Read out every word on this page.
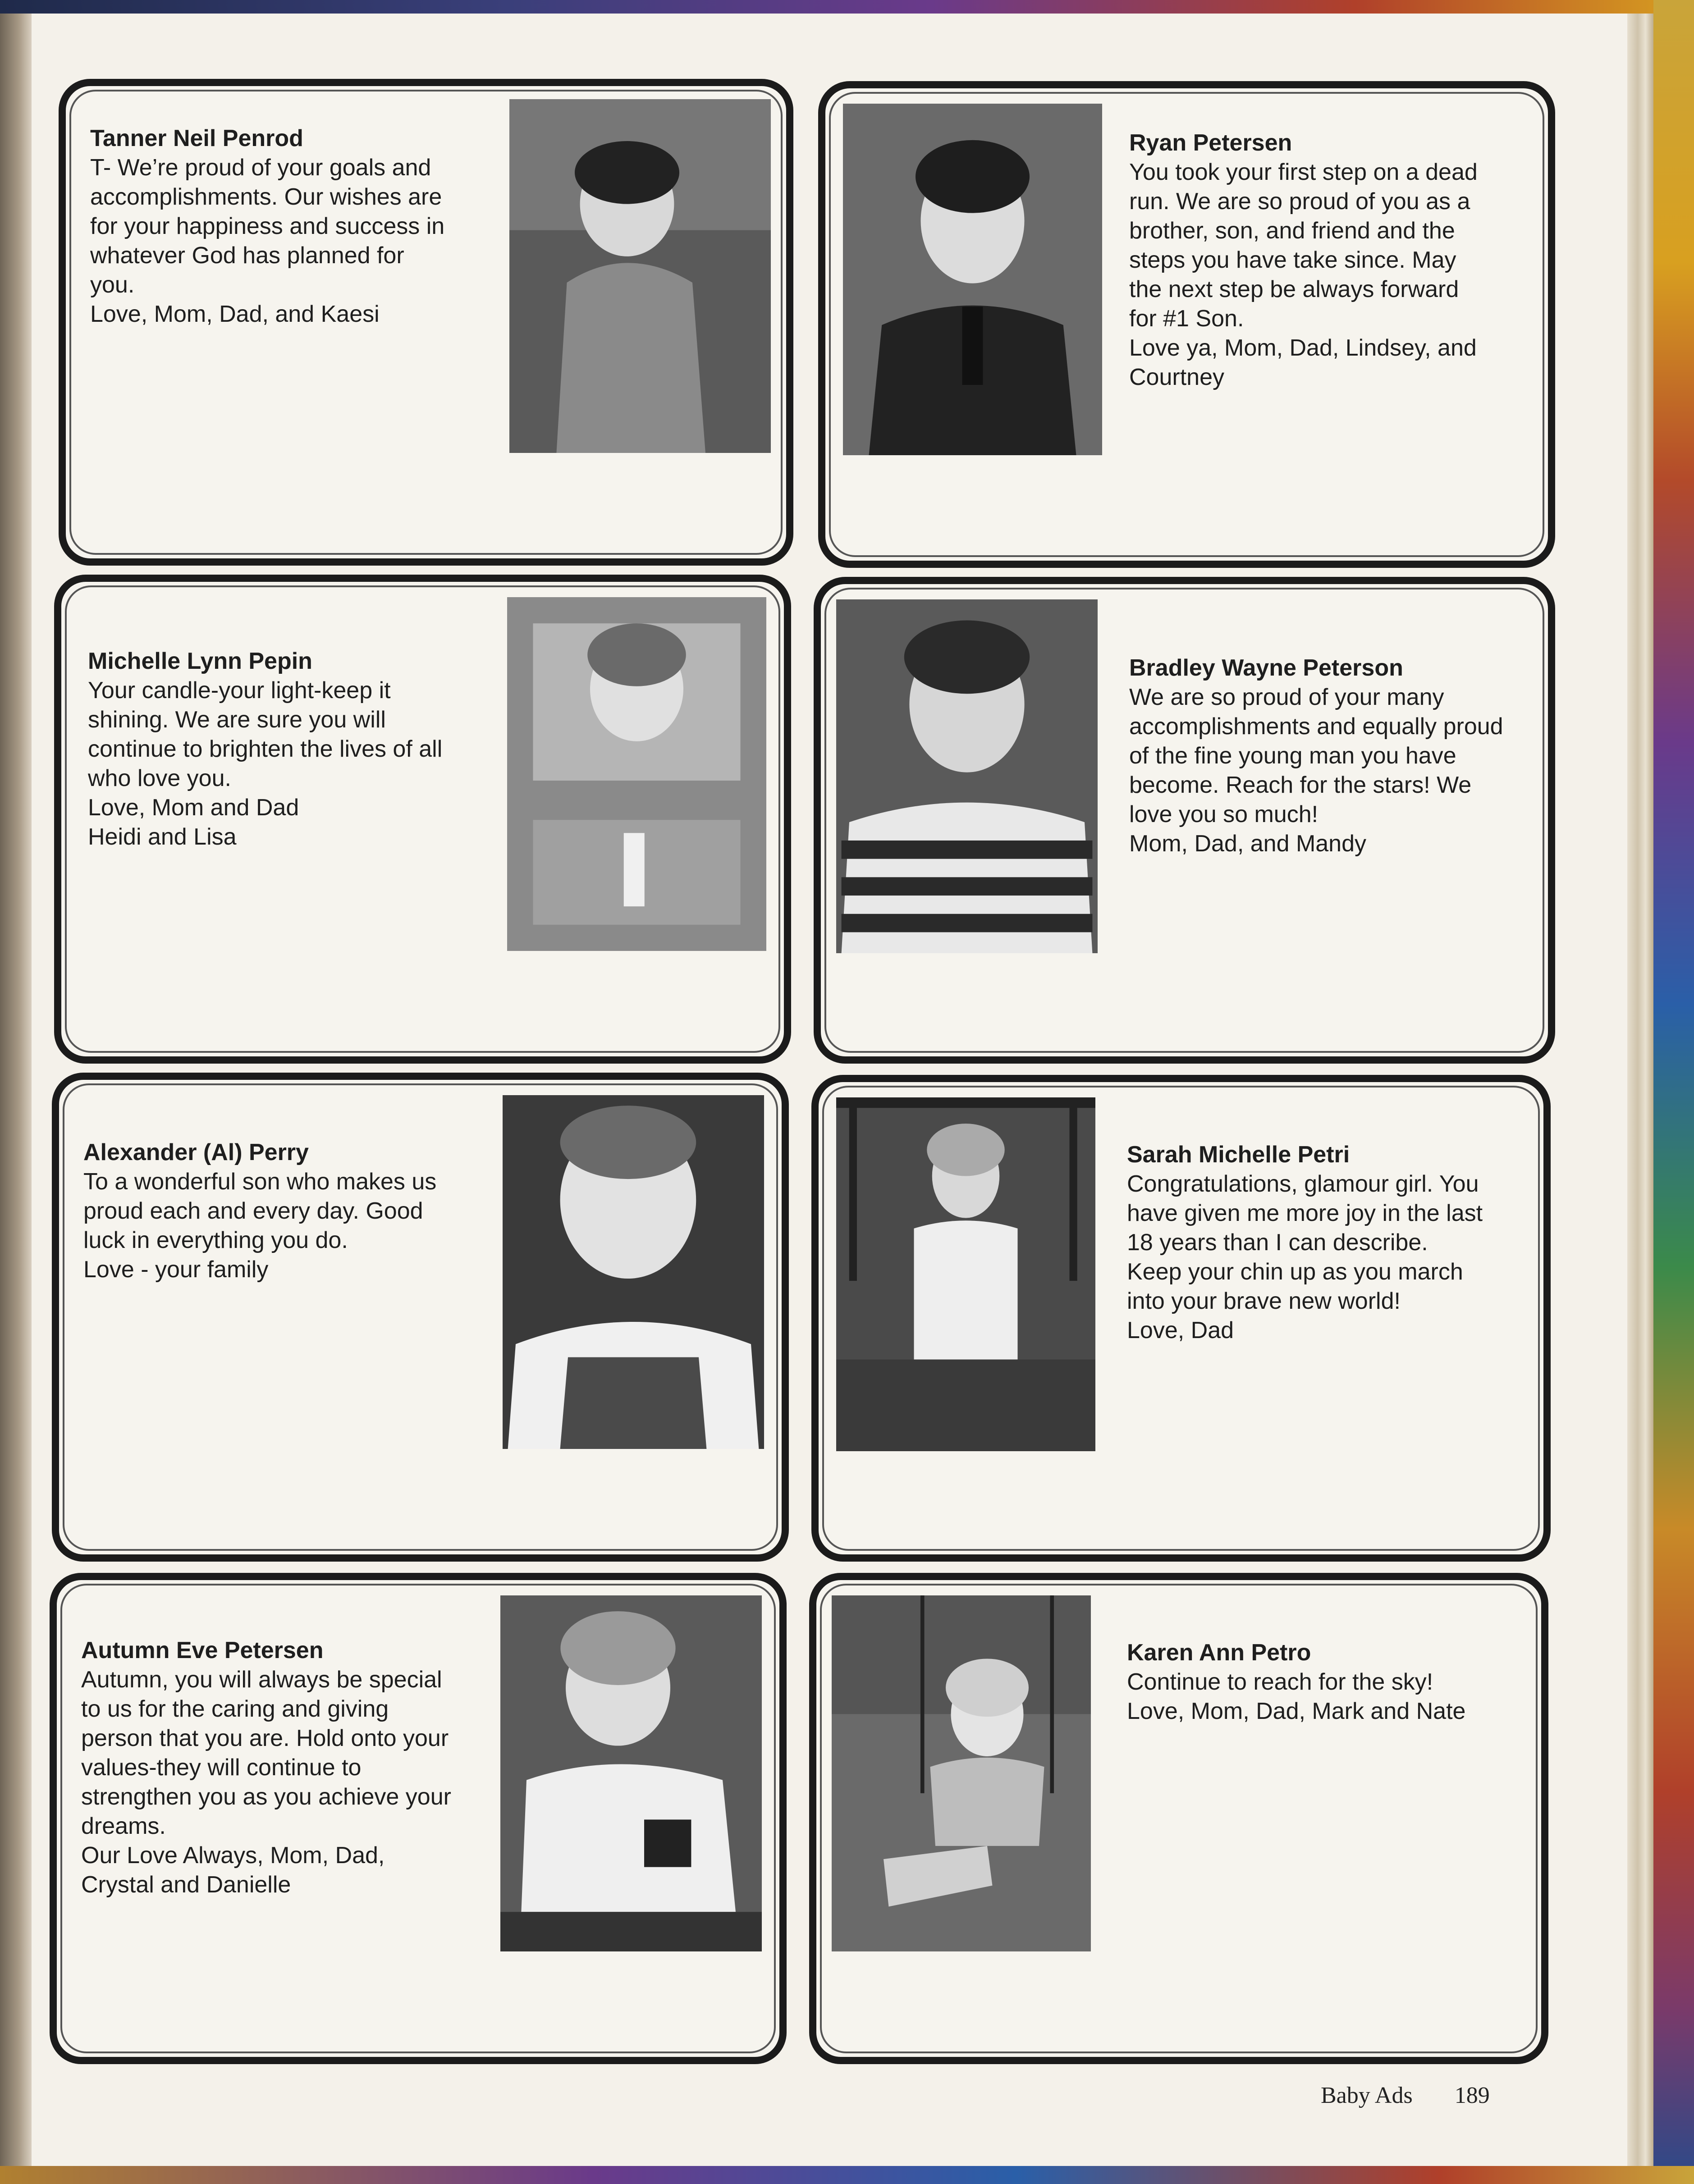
Tanner Neil Penrod
T- We’re proud of your goals and
accomplishments. Our wishes are
for your happiness and success in
whatever God has planned for
you.
Love, Mom, Dad, and Kaesi
Ryan Petersen
You took your first step on a dead
run. We are so proud of you as a
brother, son, and friend and the
steps you have take since. May
the next step be always forward
for #1 Son.
Love ya, Mom, Dad, Lindsey, and
Courtney
Michelle Lynn Pepin
Your candle-your light-keep it
shining. We are sure you will
continue to brighten the lives of all
who love you.
Love, Mom and Dad
Heidi and Lisa
Bradley Wayne Peterson
We are so proud of your many
accomplishments and equally proud
of the fine young man you have
become. Reach for the stars! We
love you so much!
Mom, Dad, and Mandy
Alexander (Al) Perry
To a wonderful son who makes us
proud each and every day. Good
luck in everything you do.
Love - your family
Sarah Michelle Petri
Congratulations, glamour girl. You
have given me more joy in the last
18 years than I can describe.
Keep your chin up as you march
into your brave new world!
Love, Dad
Autumn Eve Petersen
Autumn, you will always be special
to us for the caring and giving
person that you are. Hold onto your
values-they will continue to
strengthen you as you achieve your
dreams.
Our Love Always, Mom, Dad,
Crystal and Danielle
Karen Ann Petro
Continue to reach for the sky!
Love, Mom, Dad, Mark and Nate
Baby Ads 189
